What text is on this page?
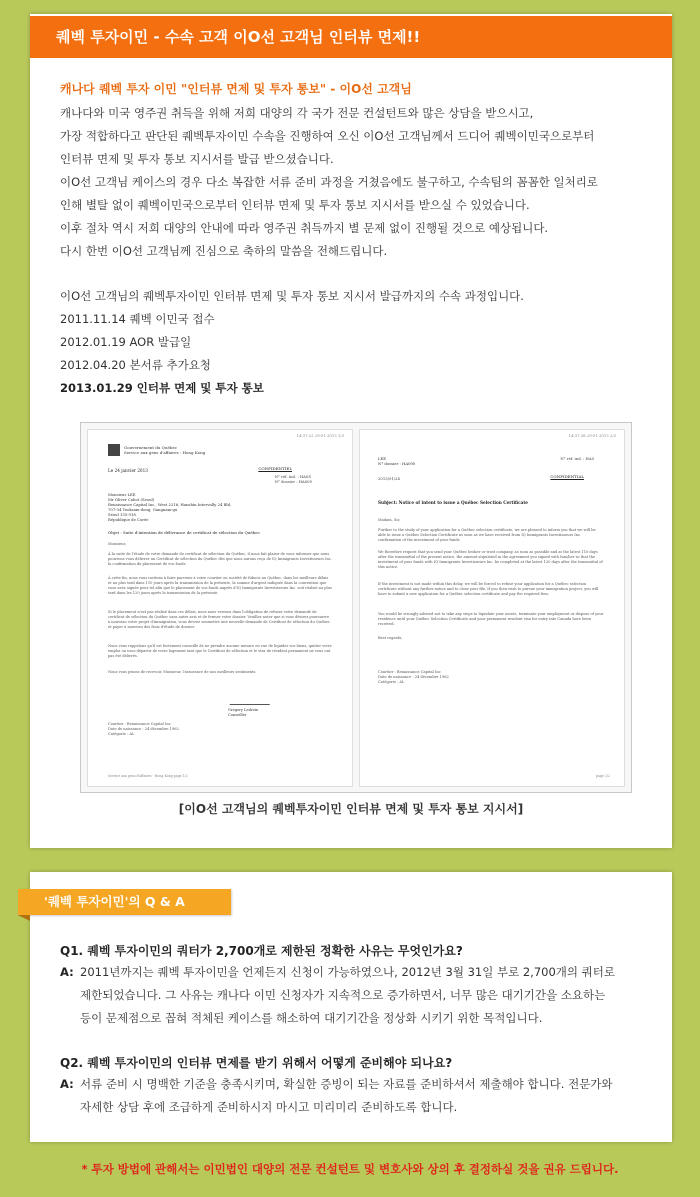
퀘벡 투자이민 - 수속 고객 이O선 고객님 인터뷰 면제!!
캐나다 퀘벡 투자 이민 "인터뷰 면제 및 투자 통보" - 이O선 고객님
캐나다와 미국 영주권 취득을 위해 저희 대양의 각 국가 전문 컨설턴트와 많은 상담을 받으시고,
가장 적합하다고 판단된 퀘벡투자이민 수속을 진행하여 오신 이O선 고객님께서 드디어 퀘벡이민국으로부터
인터뷰 면제 및 투자 통보 지시서를 발급 받으셨습니다.
이O선 고객님 케이스의 경우 다소 복잡한 서류 준비 과정을 거쳤음에도 불구하고, 수속팀의 꼼꼼한 일처리로
인해 별탈 없이 퀘벡이민국으로부터 인터뷰 면제 및 투자 통보 지시서를 받으실 수 있었습니다.
이후 절차 역시 저희 대양의 안내에 따라 영주권 취득까지 별 문제 없이 진행될 것으로 예상됩니다.
다시 한번 이O선 고객님께 진심으로 축하의 말씀을 전해드립니다.
이O선 고객님의 퀘벡투자이민 인터뷰 면제 및 투자 통보 지시서 발급까지의 수속 과정입니다.
2011.11.14 퀘벡 이민국 접수
2012.01.19 AOR 발급일
2012.04.20 본서류 추가요청
2013.01.29 인터뷰 면제 및 투자 통보
14:37:22 29-01-2013 1/3
Gouvernement du Québec
Service aux gens d'affaires - Hong Kong
Le 24 janvier 2013	CONFIDENTIEL
N° réf. ind. : HA0S
N° dossier : HA000
Monsieur LEE
Mr Oliver Cabot (Seoul)
Renaissance Capital Inc., West 2216, Hanshin Intervally 24 Bld,
707-34 Yooksam-dong, Gangnam-gu
Séoul 135-918
République de Corée
Objet : Suite d'intention de délivrance de certificat de sélection du Québec
Monsieur,
À la suite de l'étude de votre demande de certificat de sélection du Québec, il nous fait plaisir de vous informer que nous pourrons vous délivrer un Certificat de sélection du Québec dès que nous aurons reçu de IQ Immigrants Investisseurs Inc. la confirmation du placement de vos fonds.
À cette fin, nous vous invitons à faire parvenir à votre courtier ou société de fiducie au Québec, dans les meilleurs délais et au plus tard dans 110 jours après la transmission de la présente, la somme d'argent indiquée dans la convention que vous avez signée pour tel afin que le placement de vos fonds auprès d'IQ Immigrants Investisseurs Inc. soit réalisé au plus tard dans les 120 jours après la transmission de la présente.
Si le placement n'est pas réalisé dans ces délais, nous nous verrons dans l'obligation de refuser votre demande de certificat de sélection du Québec sans autre avis et de fermer votre dossier. Veuillez noter que si vous désirez poursuivre à nouveau votre projet d'immigration, vous devrez soumettre une nouvelle demande de Certificat de sélection du Québec et payer à nouveau des frais d'étude de dossier.
Nous vous rappelons qu'il est fortement conseillé de ne prendre aucune mesure en vue de liquider vos biens, quitter votre emploi ou vous départir de votre logement tant que le Certificat de sélection et le visa de résident permanent ne vous ont pas été délivrés.
Nous vous prions de recevoir, Monsieur, l'assurance de nos meilleurs sentiments.
Gregory Ledroix
Conseiller
Courtier : Renaissance Capital Inc
Date de naissance : 24 décembre 1962
Catégorie : AL
Service aux gens d'affaires - Hong Kong page 1/2
14:37:38 29-01-2013 2/3
LEE
N° dossier : HA000
N° réf. ind. : HA0
2013/01/24	CONFIDENTIAL
Subject: Notice of intent to issue a Québec Selection Certificate
Madam, Sir,
Further to the study of your application for a Québec selection certificate, we are pleased to inform you that we will be able to issue a Québec Selection Certificate as soon as we have received from IQ Immigrants Investisseurs Inc. confirmation of the investment of your funds.
We therefore request that you send your Québec broker or trust company, as soon as possible and at the latest 110 days after the transmittal of the present notice, the amount stipulated in the agreement you signed with him/her so that the investment of your funds with IQ Immigrants Investisseurs Inc. be completed at the latest 120 days after the transmittal of this notice.
If the investment is not made within this delay, we will be forced to refuse your application for a Québec selection certificate without any further notice and to close your file. If you then wish to pursue your immigration project, you will have to submit a new application for a Québec selection certificate and pay the required fees.
You would be strongly advised not to take any steps to liquidate your assets, terminate your employment or dispose of your residence until your Québec Selection Certificate and your permanent resident visa for entry into Canada have been received.
Best regards,
Courtier : Renaissance Capital Inc
Date de naissance : 24 décembre 1962
Catégorie : AL
page 2/2
[이O선 고객님의 퀘벡투자이민 인터뷰 면제 및 투자 통보 지시서]
'퀘벡 투자이민'의 Q & A
Q1. 퀘벡 투자이민의 쿼터가 2,700개로 제한된 정확한 사유는 무엇인가요?
A: 2011년까지는 퀘벡 투자이민을 언제든지 신청이 가능하였으나, 2012년 3월 31일 부로 2,700개의 쿼터로
제한되었습니다. 그 사유는 캐나다 이민 신청자가 지속적으로 증가하면서, 너무 많은 대기기간을 소요하는
등이 문제점으로 꼽혀 적체된 케이스를 해소하여 대기기간을 정상화 시키기 위한 목적입니다.
Q2. 퀘벡 투자이민의 인터뷰 면제를 받기 위해서 어떻게 준비해야 되나요?
A: 서류 준비 시 명백한 기준을 충족시키며, 확실한 증빙이 되는 자료를 준비하셔서 제출해야 합니다. 전문가와
자세한 상담 후에 조급하게 준비하시지 마시고 미리미리 준비하도록 합니다.
* 투자 방법에 관해서는 이민법인 대양의 전문 컨설턴트 및 변호사와 상의 후 결정하실 것을 권유 드립니다.
